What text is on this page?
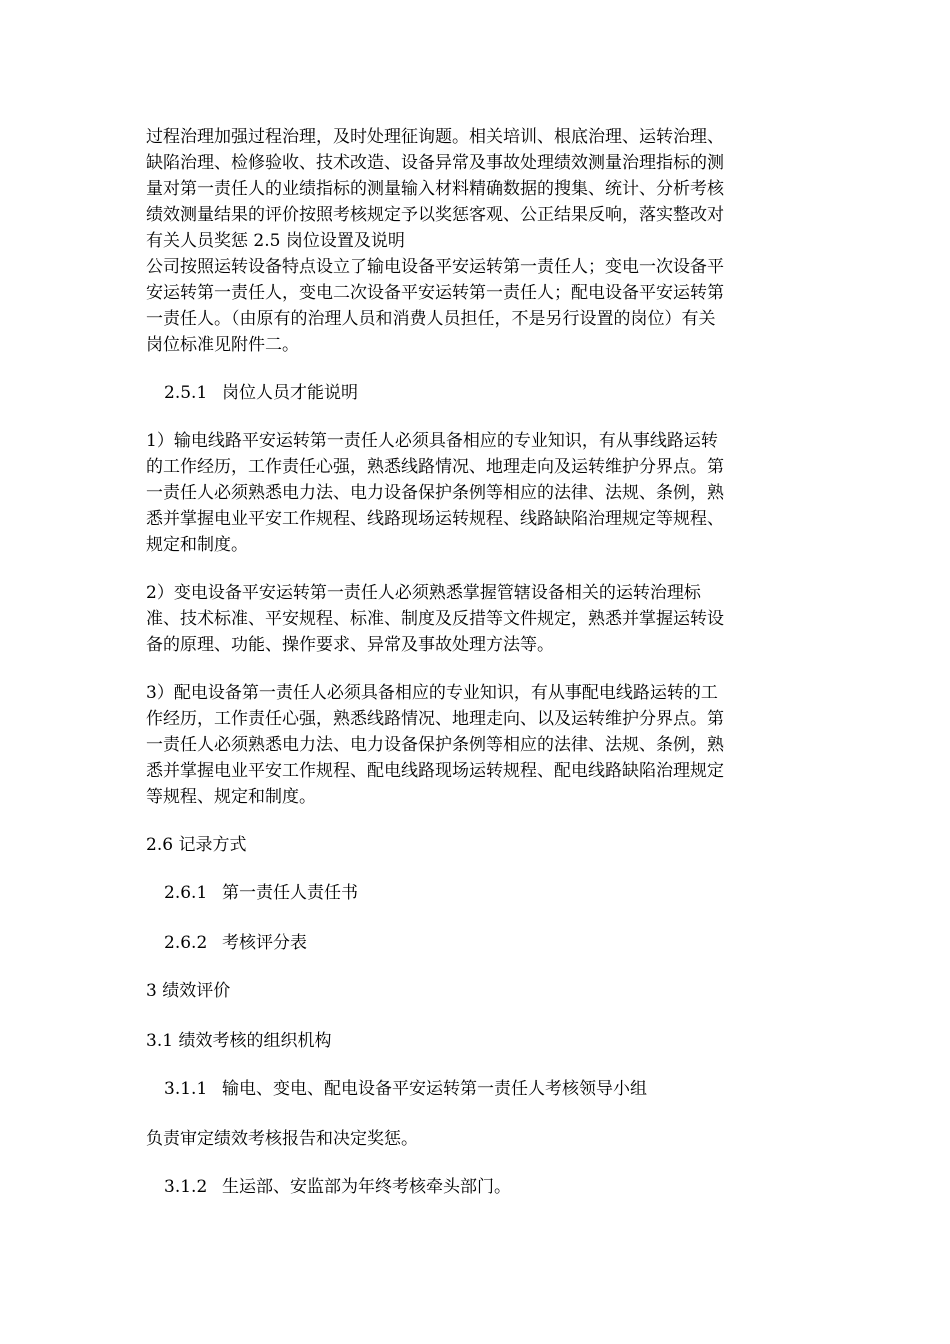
过程治理加强过程治理，及时处理征询题。相关培训、根底治理、运转治理、
缺陷治理、检修验收、技术改造、设备异常及事故处理绩效测量治理指标的测
量对第一责任人的业绩指标的测量输入材料精确数据的搜集、统计、分析考核
绩效测量结果的评价按照考核规定予以奖惩客观、公正结果反响，落实整改对
有关人员奖惩 2.5 岗位设置及说明
公司按照运转设备特点设立了输电设备平安运转第一责任人；变电一次设备平
安运转第一责任人，变电二次设备平安运转第一责任人；配电设备平安运转第
一责任人。（由原有的治理人员和消费人员担任，不是另行设置的岗位）有关
岗位标准见附件二。
2.5.1 岗位人员才能说明
1）输电线路平安运转第一责任人必须具备相应的专业知识，有从事线路运转
的工作经历，工作责任心强，熟悉线路情况、地理走向及运转维护分界点。第
一责任人必须熟悉电力法、电力设备保护条例等相应的法律、法规、条例，熟
悉并掌握电业平安工作规程、线路现场运转规程、线路缺陷治理规定等规程、
规定和制度。
2）变电设备平安运转第一责任人必须熟悉掌握管辖设备相关的运转治理标
准、技术标准、平安规程、标准、制度及反措等文件规定，熟悉并掌握运转设
备的原理、功能、操作要求、异常及事故处理方法等。
3）配电设备第一责任人必须具备相应的专业知识，有从事配电线路运转的工
作经历，工作责任心强，熟悉线路情况、地理走向、以及运转维护分界点。第
一责任人必须熟悉电力法、电力设备保护条例等相应的法律、法规、条例，熟
悉并掌握电业平安工作规程、配电线路现场运转规程、配电线路缺陷治理规定
等规程、规定和制度。
2.6 记录方式
2.6.1 第一责任人责任书
2.6.2 考核评分表
3 绩效评价
3.1 绩效考核的组织机构
3.1.1 输电、变电、配电设备平安运转第一责任人考核领导小组
负责审定绩效考核报告和决定奖惩。
3.1.2 生运部、安监部为年终考核牵头部门。
